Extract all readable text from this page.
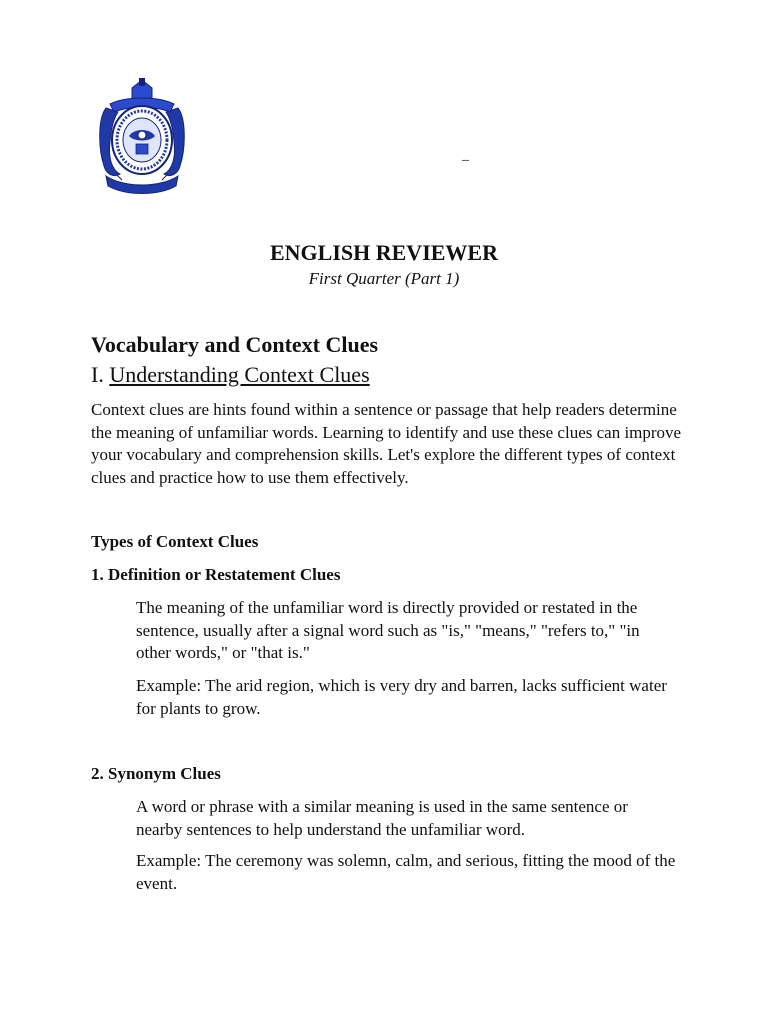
_
ENGLISH REVIEWER
First Quarter (Part 1)
Vocabulary and Context Clues
I. Understanding Context Clues
Context clues are hints found within a sentence or passage that help readers determine the meaning of unfamiliar words. Learning to identify and use these clues can improve your vocabulary and comprehension skills. Let's explore the different types of context clues and practice how to use them effectively.
Types of Context Clues
1. Definition or Restatement Clues
The meaning of the unfamiliar word is directly provided or restated in the sentence, usually after a signal word such as "is," "means," "refers to," "in other words," or "that is."
Example: The arid region, which is very dry and barren, lacks sufficient water for plants to grow.
2. Synonym Clues
A word or phrase with a similar meaning is used in the same sentence or nearby sentences to help understand the unfamiliar word.
Example: The ceremony was solemn, calm, and serious, fitting the mood of the event.
